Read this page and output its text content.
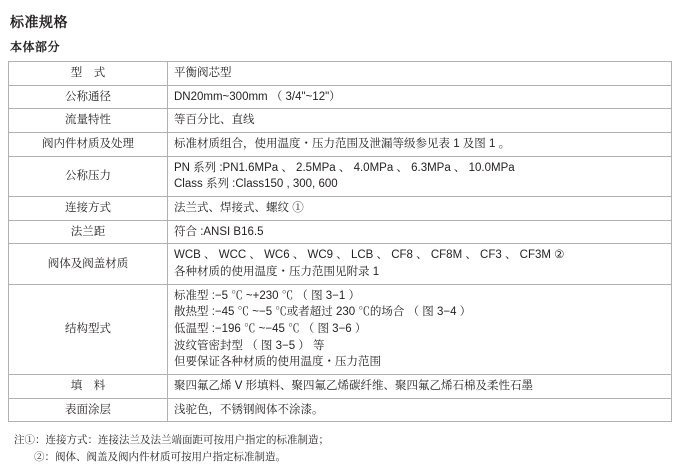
标准规格
本体部分
型　式	平衡阀芯型

公称通径	DN20mm~300mm （ 3/4"~12"）

流量特性	等百分比、直线

阀内件材质及处理	标准材质组合，使用温度・压力范围及泄漏等级参见表 1 及图 1 。

公称压力	PN 系列 :PN1.6MPa 、 2.5MPa 、 4.0MPa 、 6.3MPa 、 10.0MPa
Class 系列 :Class150 , 300, 600

连接方式	法兰式、焊接式、螺纹 ①

法兰距	符合 :ANSI B16.5

阀体及阀盖材质	WCB 、 WCC 、 WC6 、 WC9 、 LCB 、 CF8 、 CF8M 、 CF3 、 CF3M ②
各种材质的使用温度・压力范围见附录 1

结构型式	标准型 :−5 ℃ ~+230 ℃ （ 图 3−1 ）
散热型 :−45 ℃ ~−5 ℃或者超过 230 ℃的场合 （ 图 3−4 ）
低温型 :−196 ℃ ~−45 ℃ （ 图 3−6 ）
波纹管密封型 （ 图 3−5 ） 等
但要保证各种材质的使用温度・压力范围

填　料	聚四氟乙烯 V 形填料、聚四氟乙烯碳纤维、聚四氟乙烯石棉及柔性石墨

表面涂层	浅驼色，不锈钢阀体不涂漆。
注①：连接方式：连接法兰及法兰端面距可按用户指定的标准制造；
②：阀体、阀盖及阀内件材质可按用户指定标准制造。
